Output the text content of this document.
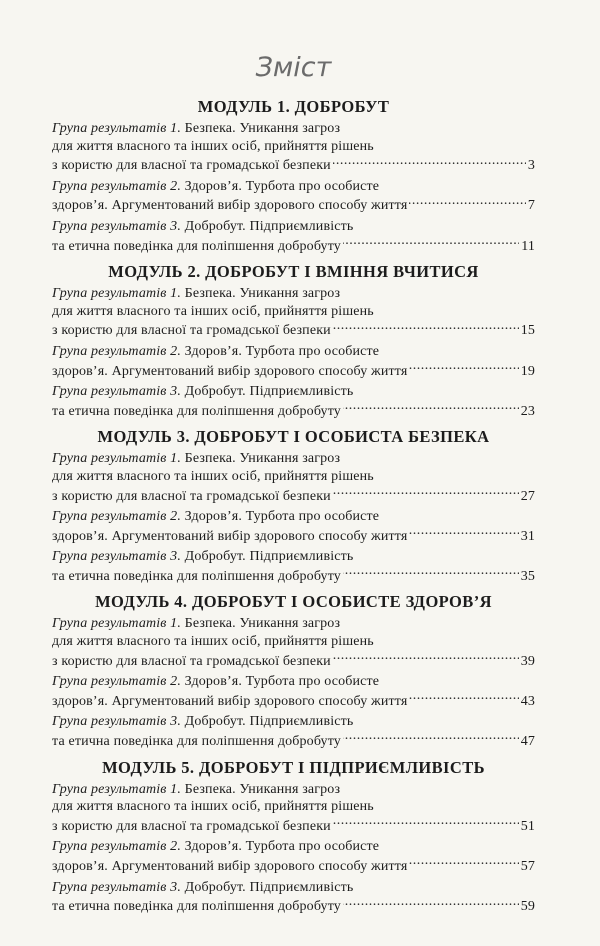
Зміст
МОДУЛЬ 1. ДОБРОБУТ
Група результатів 1. Безпека. Уникання загроз
для життя власного та інших осіб, прийняття рішень
з користю для власної та громадської безпеки . . .	3
Група результатів 2. Здоров’я. Турбота про особисте
здоров’я. Аргументований вибір здорового способу життя . . .	7
Група результатів 3. Добробут. Підприємливість
та етична поведінка для поліпшення добробуту . . .	11
МОДУЛЬ 2. ДОБРОБУТ І ВМІННЯ ВЧИТИСЯ
Група результатів 1. Безпека. Уникання загроз
для життя власного та інших осіб, прийняття рішень
з користю для власної та громадської безпеки . . .	15
Група результатів 2. Здоров’я. Турбота про особисте
здоров’я. Аргументований вибір здорового способу життя . . .	19
Група результатів 3. Добробут. Підприємливість
та етична поведінка для поліпшення добробуту . . .	23
МОДУЛЬ 3. ДОБРОБУТ І ОСОБИСТА БЕЗПЕКА
Група результатів 1. Безпека. Уникання загроз
для життя власного та інших осіб, прийняття рішень
з користю для власної та громадської безпеки . . .	27
Група результатів 2. Здоров’я. Турбота про особисте
здоров’я. Аргументований вибір здорового способу життя . . .	31
Група результатів 3. Добробут. Підприємливість
та етична поведінка для поліпшення добробуту . . .	35
МОДУЛЬ 4. ДОБРОБУТ І ОСОБИСТЕ ЗДОРОВ’Я
Група результатів 1. Безпека. Уникання загроз
для життя власного та інших осіб, прийняття рішень
з користю для власної та громадської безпеки . . .	39
Група результатів 2. Здоров’я. Турбота про особисте
здоров’я. Аргументований вибір здорового способу життя . . .	43
Група результатів 3. Добробут. Підприємливість
та етична поведінка для поліпшення добробуту . . .	47
МОДУЛЬ 5. ДОБРОБУТ І ПІДПРИЄМЛИВІСТЬ
Група результатів 1. Безпека. Уникання загроз
для життя власного та інших осіб, прийняття рішень
з користю для власної та громадської безпеки . . .	51
Група результатів 2. Здоров’я. Турбота про особисте
здоров’я. Аргументований вибір здорового способу життя . . .	57
Група результатів 3. Добробут. Підприємливість
та етична поведінка для поліпшення добробуту . . .	59
